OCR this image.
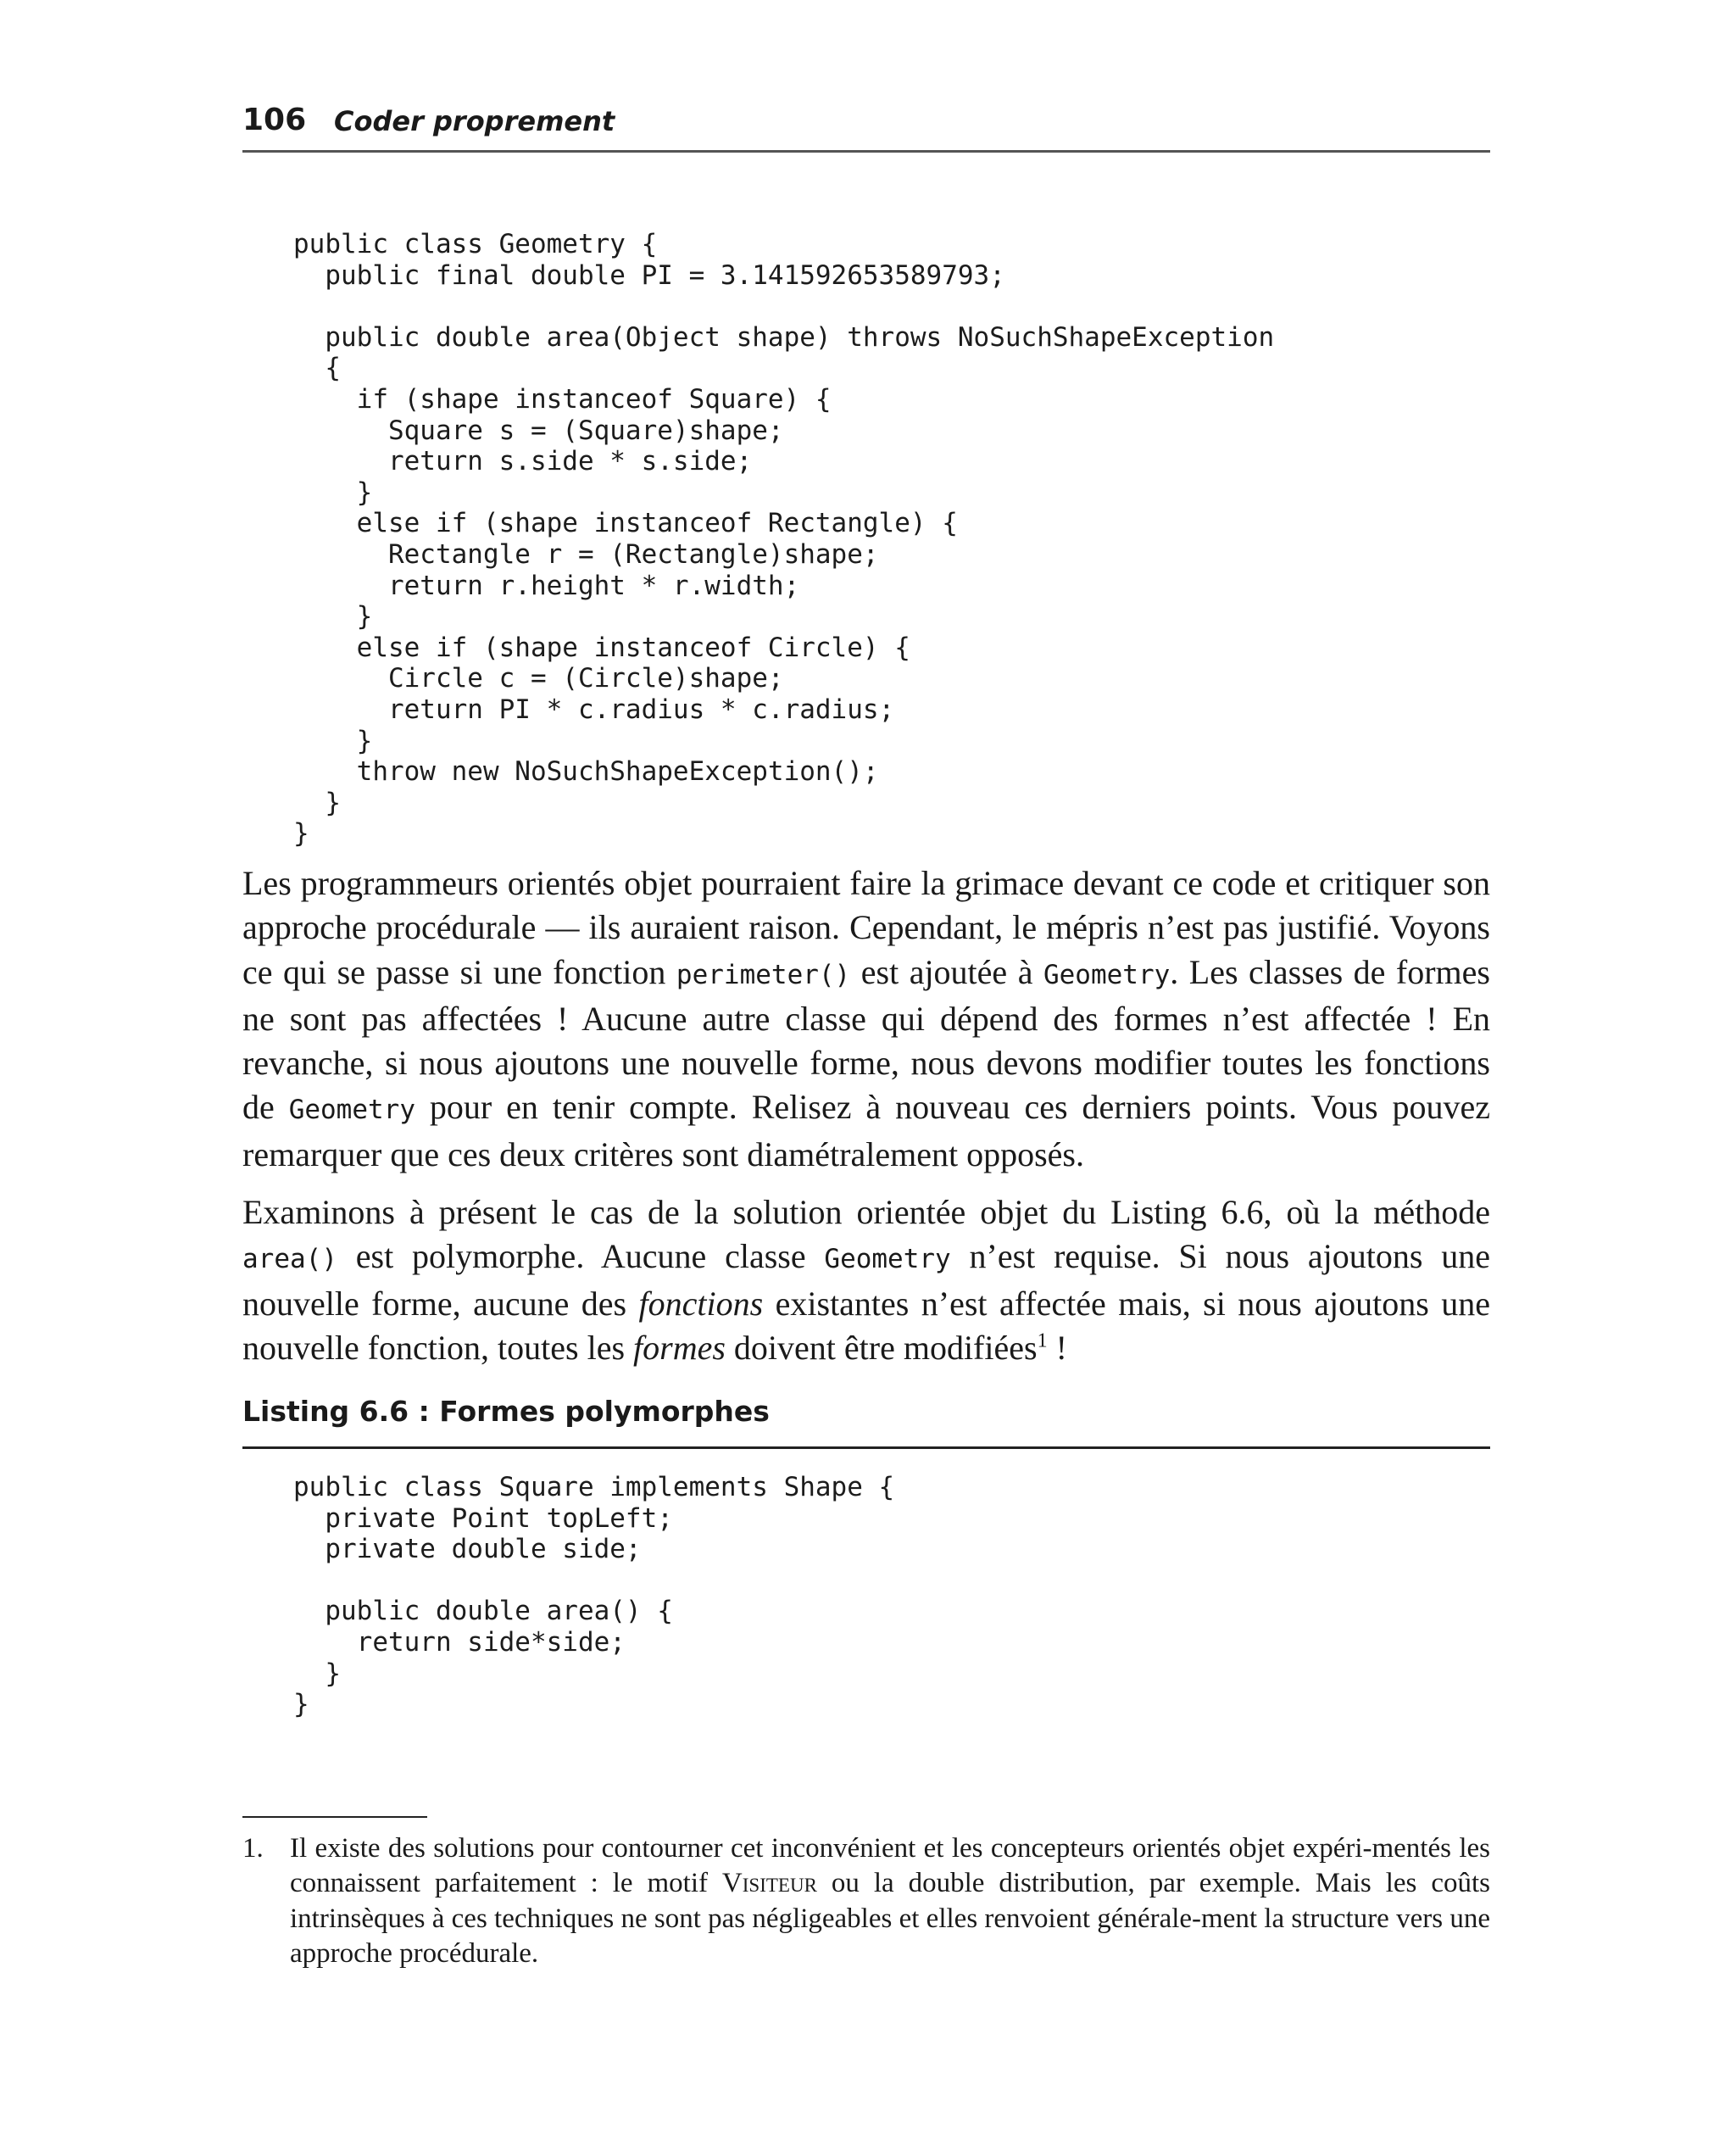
106 Coder proprement
public class Geometry {
public final double PI = 3.141592653589793;
public double area(Object shape) throws NoSuchShapeException
{
if (shape instanceof Square) {
Square s = (Square)shape;
return s.side * s.side;
}
else if (shape instanceof Rectangle) {
Rectangle r = (Rectangle)shape;
return r.height * r.width;
}
else if (shape instanceof Circle) {
Circle c = (Circle)shape;
return PI * c.radius * c.radius;
}
throw new NoSuchShapeException();
}
}

Les programmeurs orientés objet pourraient faire la grimace devant ce code et critiquer son approche procédurale — ils auraient raison. Cependant, le mépris n’est pas justifié. Voyons ce qui se passe si une fonction perimeter() est ajoutée à Geometry. Les classes de formes ne sont pas affectées ! Aucune autre classe qui dépend des formes n’est affectée ! En revanche, si nous ajoutons une nouvelle forme, nous devons modifier toutes les fonctions de Geometry pour en tenir compte. Relisez à nouveau ces derniers points. Vous pouvez remarquer que ces deux critères sont diamétralement opposés.

Examinons à présent le cas de la solution orientée objet du Listing 6.6, où la méthode area() est polymorphe. Aucune classe Geometry n’est requise. Si nous ajoutons une nouvelle forme, aucune des fonctions existantes n’est affectée mais, si nous ajoutons une nouvelle fonction, toutes les formes doivent être modifiées$^1$ !

Listing 6.6 : Formes polymorphes
public class Square implements Shape {
private Point topLeft;
private double side;
public double area() {
return side*side;
}
}
1. Il existe des solutions pour contourner cet inconvénient et les concepteurs orientés objet expéri-mentés les connaissent parfaitement : le motif Visiteur ou la double distribution, par exemple. Mais les coûts intrinsèques à ces techniques ne sont pas négligeables et elles renvoient générale-ment la structure vers une approche procédurale.
